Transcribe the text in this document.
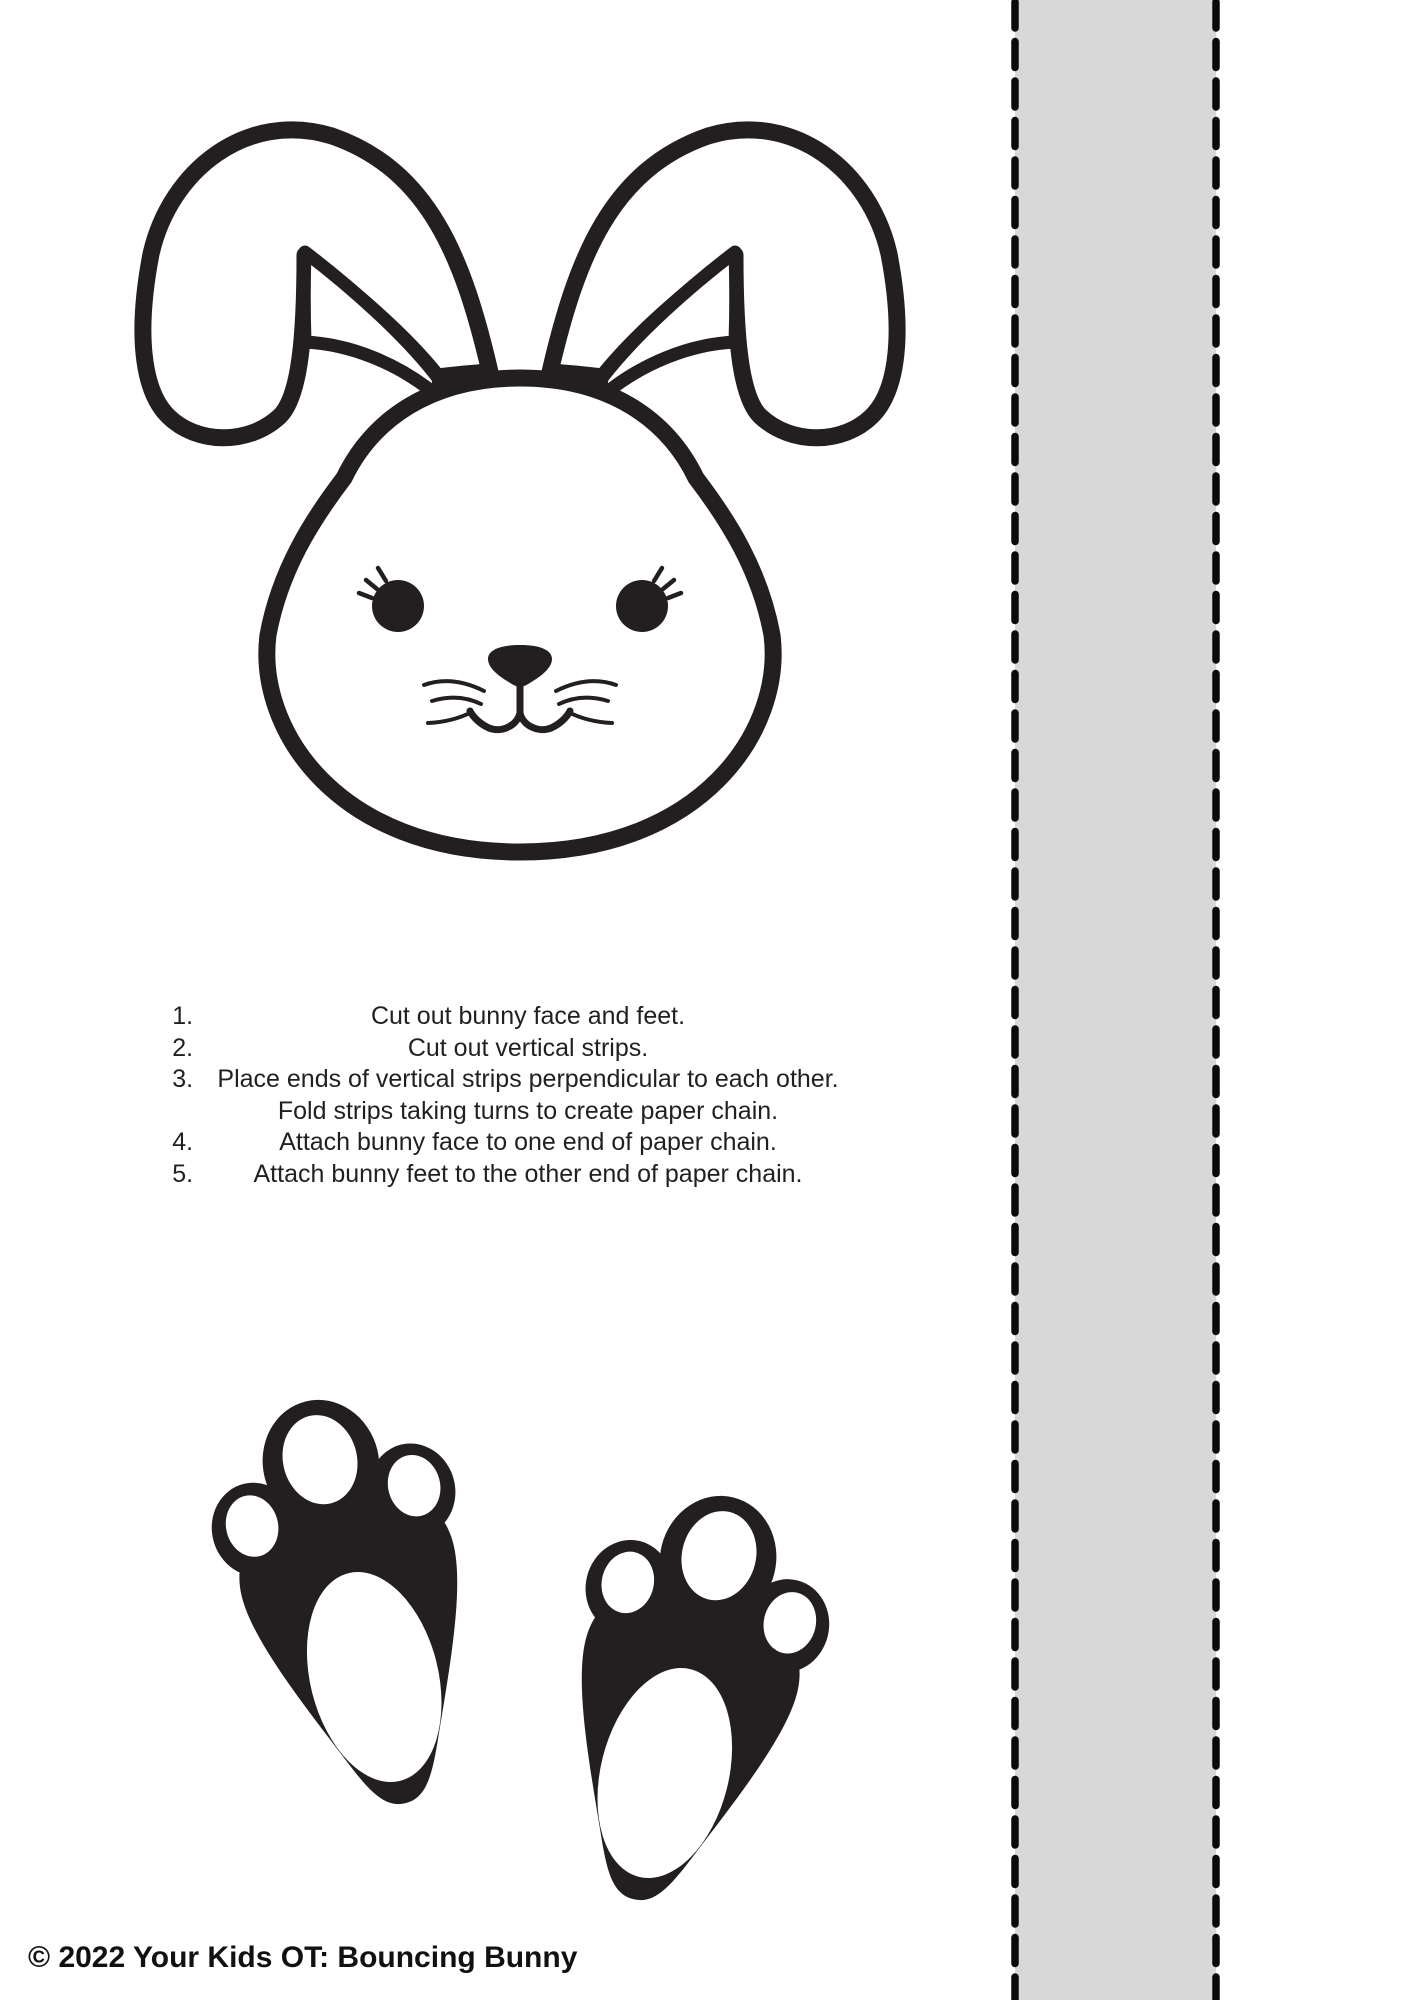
1. Cut out bunny face and feet.
2. Cut out vertical strips.
3. Place ends of vertical strips perpendicular to each other. Fold strips taking turns to create paper chain.
4. Attach bunny face to one end of paper chain.
5. Attach bunny feet to the other end of paper chain.
© 2022 Your Kids OT: Bouncing Bunny
